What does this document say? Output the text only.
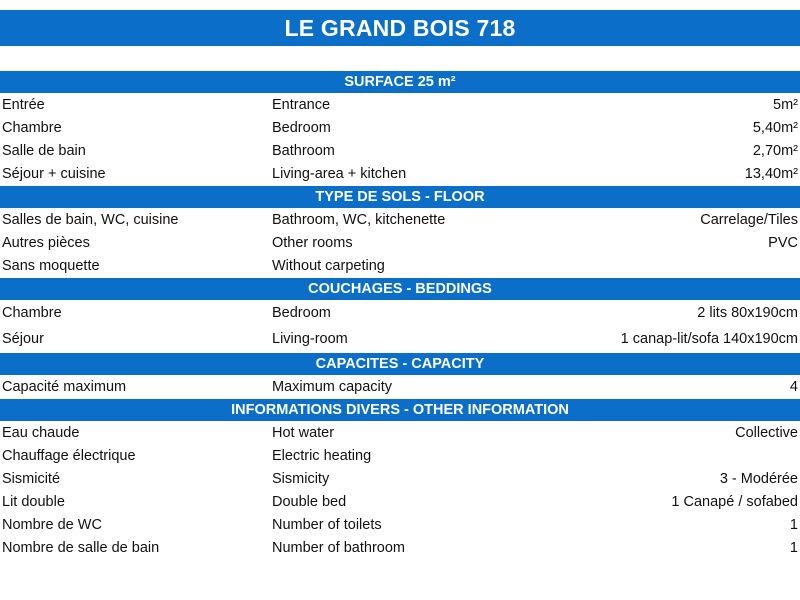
LE GRAND BOIS 718
SURFACE 25 m²
Entrée	Entrance	5m²
Chambre	Bedroom	5,40m²
Salle de bain	Bathroom	2,70m²
Séjour + cuisine	Living-area + kitchen	13,40m²
TYPE DE SOLS - FLOOR
Salles de bain, WC, cuisine	Bathroom, WC, kitchenette	Carrelage/Tiles
Autres pièces	Other rooms	PVC
Sans moquette	Without carpeting
COUCHAGES - BEDDINGS
Chambre	Bedroom	2 lits 80x190cm
Séjour	Living-room	1 canap-lit/sofa 140x190cm
CAPACITES - CAPACITY
Capacité maximum	Maximum capacity	4
INFORMATIONS DIVERS - OTHER INFORMATION
Eau chaude	Hot water	Collective
Chauffage électrique	Electric heating
Sismicité	Sismicity	3 - Modérée
Lit double	Double bed	1 Canapé / sofabed
Nombre de WC	Number of toilets	1
Nombre de salle de bain	Number of bathroom	1
